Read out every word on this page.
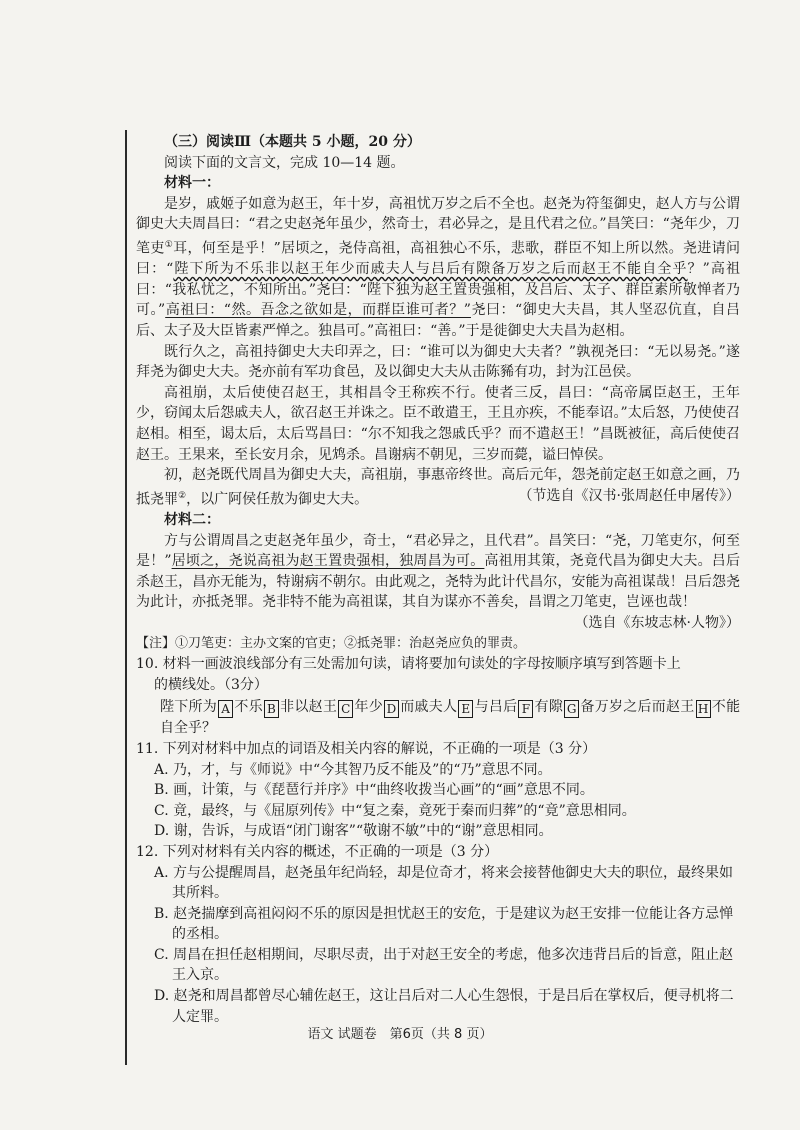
（三）阅读Ⅲ（本题共 5 小题，20 分）

阅读下面的文言文，完成 10—14 题。

材料一：

是岁，戚姬子如意为赵王，年十岁，高祖忧万岁之后不全也。赵尧为符玺御史，赵人方与公谓御史大夫周昌曰：“君之史赵尧年虽少，然奇士，君必异之，是且代君之位。”昌笑曰：“尧年少，刀笔吏①耳，何至是乎！”居顷之，尧侍高祖，高祖独心不乐，悲歌，群臣不知上所以然。尧进请问曰：“陛下所为不乐非以赵王年少而戚夫人与吕后有隙备万岁之后而赵王不能自全乎？”高祖曰：“我私忧之，不知所出。”尧曰：“陛下独为赵王置贵强相，及吕后、太子、群臣素所敬惮者乃可。”高祖曰：“然。吾念之欲如是，而群臣谁可者？”尧曰：“御史大夫昌，其人坚忍伉直，自吕后、太子及大臣皆素严惮之。独昌可。”高祖曰：“善。”于是徙御史大夫昌为赵相。

既行久之，高祖持御史大夫印弄之，曰：“谁可以为御史大夫者？”孰视尧曰：“无以易尧。”遂拜尧为御史大夫。尧亦前有军功食邑，及以御史大夫从击陈豨有功，封为江邑侯。

高祖崩，太后使使召赵王，其相昌令王称疾不行。使者三反，昌曰：“高帝属臣赵王，王年少，窃闻太后怨戚夫人，欲召赵王并诛之。臣不敢遣王，王且亦疾，不能奉诏。”太后怒，乃使使召赵相。相至，谒太后，太后骂昌曰：“尔不知我之怨戚氏乎？而不遣赵王！”昌既被征，高后使使召赵王。王果来，至长安月余，见鸩杀。昌谢病不朝见，三岁而薨，谥曰悼侯。

初，赵尧既代周昌为御史大夫，高祖崩，事惠帝终世。高后元年，怨尧前定赵王如意之画，乃抵尧罪②，以广阿侯任敖为御史大夫。	（节选自《汉书·张周赵任申屠传》）

材料二：

方与公谓周昌之吏赵尧年虽少，奇士，“君必异之，且代君”。昌笑曰：“尧，刀笔吏尔，何至是！”居顷之，尧说高祖为赵王置贵强相，独周昌为可。高祖用其策，尧竟代昌为御史大夫。吕后杀赵王，昌亦无能为，特谢病不朝尔。由此观之，尧特为此计代昌尔，安能为高祖谋哉！吕后怨尧为此计，亦抵尧罪。尧非特不能为高祖谋，其自为谋亦不善矣，昌谓之刀笔吏，岂诬也哉！
（选自《东坡志林·人物》）

【注】①刀笔吏：主办文案的官吏；②抵尧罪：治赵尧应负的罪责。

10. 材料一画波浪线部分有三处需加句读，请将要加句读处的字母按顺序填写到答题卡上

的横线处。（3分）

陛下所为 A 不乐 B 非以赵王 C 年少 D 而戚夫人 E 与吕后 F 有隙 G 备万岁之后而赵王 H 不能自全乎？

11. 下列对材料中加点的词语及相关内容的解说，不正确的一项是（3 分）

A. 乃，才，与《师说》中“今其智乃反不能及”的“乃”意思不同。

B. 画，计策，与《琵琶行并序》中“曲终收拨当心画”的“画”意思不同。

C. 竟，最终，与《屈原列传》中“复之秦，竟死于秦而归葬”的“竟”意思相同。

D. 谢，告诉，与成语“闭门谢客”“敬谢不敏”中的“谢”意思相同。

12. 下列对材料有关内容的概述，不正确的一项是（3 分）

A. 方与公提醒周昌，赵尧虽年纪尚轻，却是位奇才，将来会接替他御史大夫的职位，最终果如其所料。

B. 赵尧揣摩到高祖闷闷不乐的原因是担忧赵王的安危，于是建议为赵王安排一位能让各方忌惮的丞相。

C. 周昌在担任赵相期间，尽职尽责，出于对赵王安全的考虑，他多次违背吕后的旨意，阻止赵王入京。

D. 赵尧和周昌都曾尽心辅佐赵王，这让吕后对二人心生怨恨，于是吕后在掌权后，便寻机将二人定罪。

语文 试题卷　第6页（共 8 页）
